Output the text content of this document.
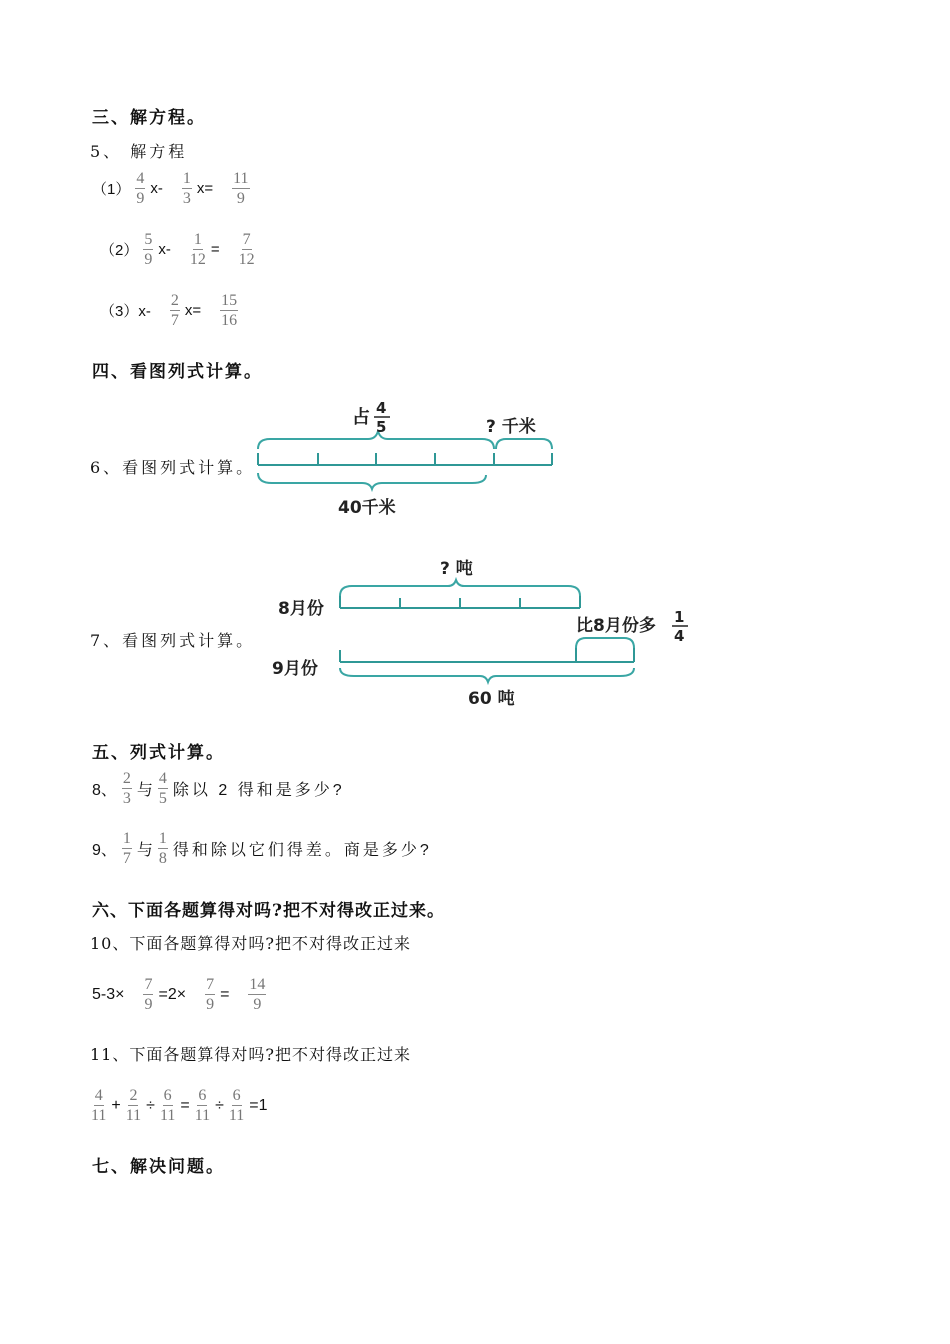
三、解方程。
5、 解方程
$(1) \frac{4}{9} x- \frac{1}{3} x= \frac{11}{9}$
$(2) \frac{5}{9} x- \frac{1}{12} = \frac{7}{12}$
$(3)x- \frac{2}{7} x= \frac{15}{16}$
四、看图列式计算。
6、看图列式计算。
占 4
5	? 千米
40千米
7、看图列式计算。
? 吨
8月份
比8月份多 1
4
9月份
60 吨
五、列式计算。
8、 $\frac{2}{3}$ 与 $\frac{4}{5}$ 除以 2 得和是多少?
9、 $\frac{1}{7}$ 与 $\frac{1}{8}$ 得和除以它们得差。商是多少?
六、下面各题算得对吗?把不对得改正过来。
10、下面各题算得对吗?把不对得改正过来
$5-3\times \frac{7}{9} =2\times \frac{7}{9} = \frac{14}{9}$
11、下面各题算得对吗?把不对得改正过来
$\frac{4}{11} + \frac{2}{11} \div \frac{6}{11} = \frac{6}{11} \div \frac{6}{11} =1$
七、解决问题。
